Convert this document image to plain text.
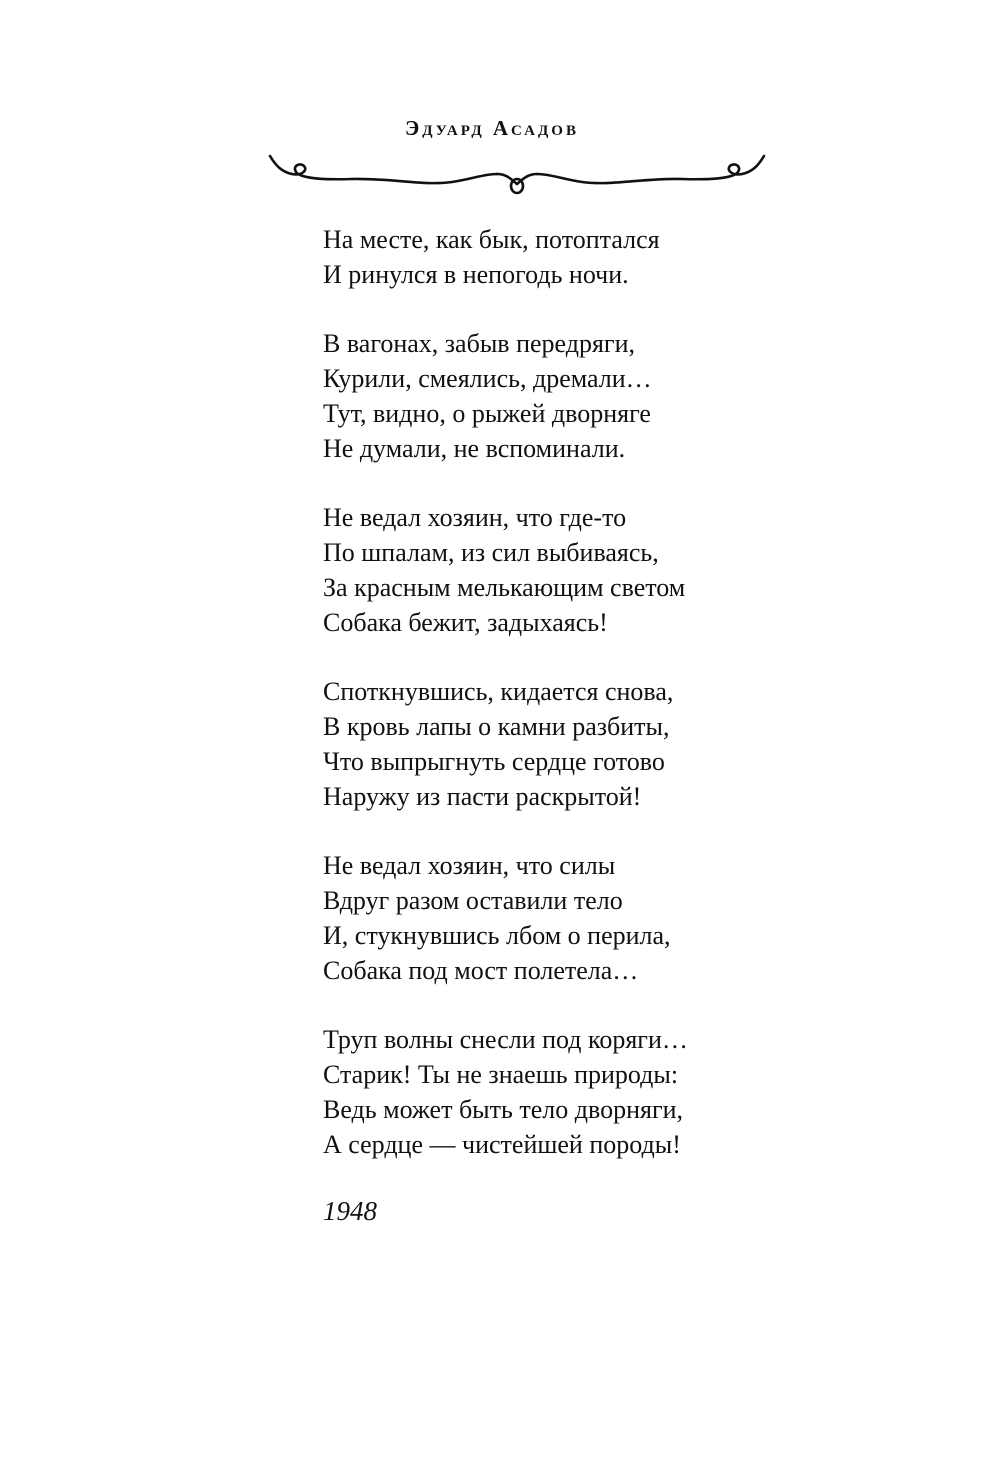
Эдуард Асадов
На месте, как бык, потоптался
И ринулся в непогодь ночи.
В вагонах, забыв передряги,
Курили, смеялись, дремали…
Тут, видно, о рыжей дворняге
Не думали, не вспоминали.
Не ведал хозяин, что где-то
По шпалам, из сил выбиваясь,
За красным мелькающим светом
Собака бежит, задыхаясь!
Споткнувшись, кидается снова,
В кровь лапы о камни разбиты,
Что выпрыгнуть сердце готово
Наружу из пасти раскрытой!
Не ведал хозяин, что силы
Вдруг разом оставили тело
И, стукнувшись лбом о перила,
Собака под мост полетела…
Труп волны снесли под коряги…
Старик! Ты не знаешь природы:
Ведь может быть тело дворняги,
А сердце — чистейшей породы!
1948
